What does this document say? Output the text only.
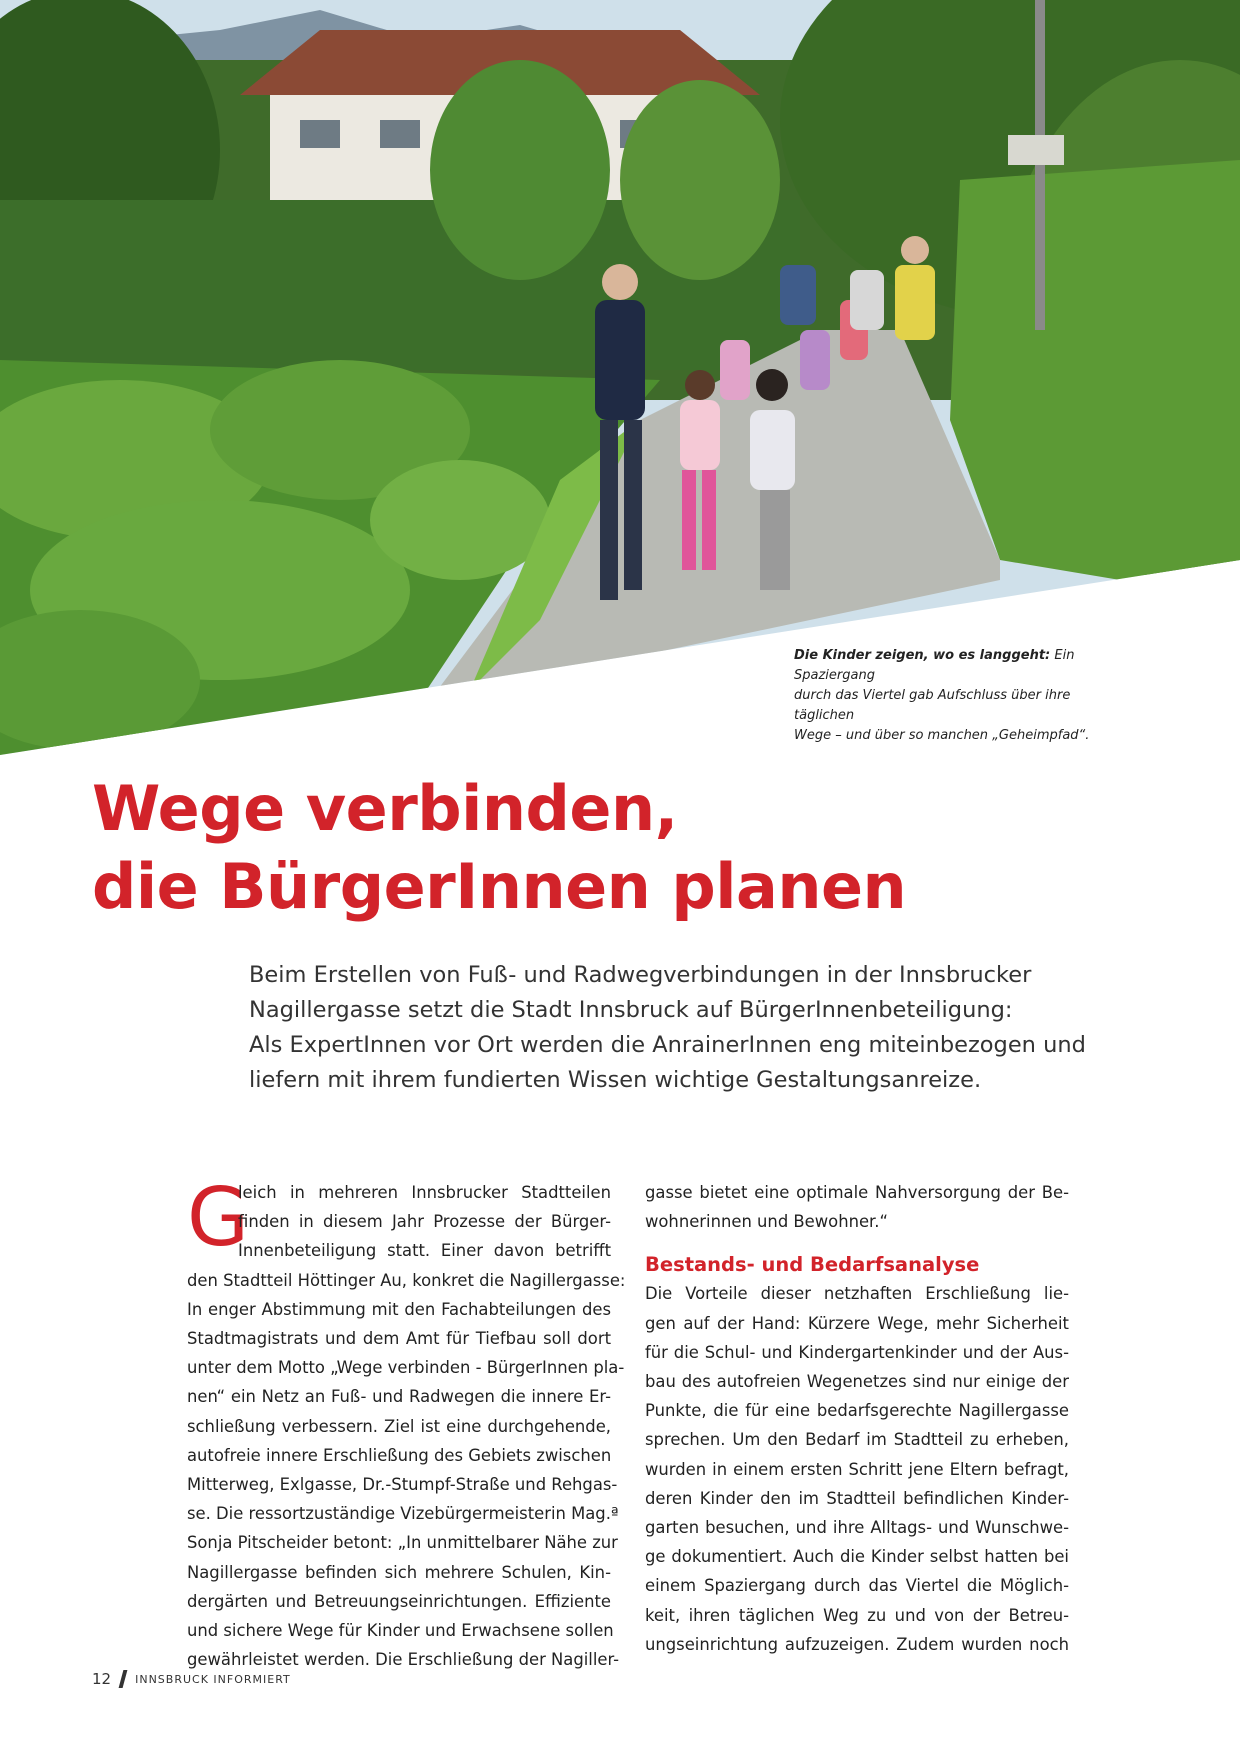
Die Kinder zeigen, wo es langgeht: Ein Spaziergang
durch das Viertel gab Aufschluss über ihre täglichen
Wege – und über so manchen „Geheimpfad“.
Wege verbinden,
die BürgerInnen planen
Beim Erstellen von Fuß- und Radwegverbindungen in der Innsbrucker
Nagillergasse setzt die Stadt Innsbruck auf BürgerInnenbeteiligung:
Als ExpertInnen vor Ort werden die AnrainerInnen eng miteinbezogen und
liefern mit ihrem fundierten Wissen wichtige Gestaltungsanreize.
G
leich in mehreren Innsbrucker Stadtteilen
finden in diesem Jahr Prozesse der Bürger-
Innenbeteiligung statt. Einer davon betrifft
den Stadtteil Höttinger Au, konkret die Nagillergasse:
In enger Abstimmung mit den Fachabteilungen des
Stadtmagistrats und dem Amt für Tiefbau soll dort
unter dem Motto „Wege verbinden - BürgerInnen pla-
nen“ ein Netz an Fuß- und Radwegen die innere Er-
schließung verbessern. Ziel ist eine durchgehende,
autofreie innere Erschließung des Gebiets zwischen
Mitterweg, Exlgasse, Dr.-Stumpf-Straße und Rehgas-
se. Die ressortzuständige Vizebürgermeisterin Mag.ª
Sonja Pitscheider betont: „In unmittelbarer Nähe zur
Nagillergasse befinden sich mehrere Schulen, Kin-
dergärten und Betreuungseinrichtungen. Effiziente
und sichere Wege für Kinder und Erwachsene sollen
gewährleistet werden. Die Erschließung der Nagiller-
gasse bietet eine optimale Nahversorgung der Be-
wohnerinnen und Bewohner.“
Bestands- und Bedarfsanalyse
Die Vorteile dieser netzhaften Erschließung lie-
gen auf der Hand: Kürzere Wege, mehr Sicherheit
für die Schul- und Kindergartenkinder und der Aus-
bau des autofreien Wegenetzes sind nur einige der
Punkte, die für eine bedarfsgerechte Nagillergasse
sprechen. Um den Bedarf im Stadtteil zu erheben,
wurden in einem ersten Schritt jene Eltern befragt,
deren Kinder den im Stadtteil befindlichen Kinder-
garten besuchen, und ihre Alltags- und Wunschwe-
ge dokumentiert. Auch die Kinder selbst hatten bei
einem Spaziergang durch das Viertel die Möglich-
keit, ihren täglichen Weg zu und von der Betreu-
ungseinrichtung aufzuzeigen. Zudem wurden noch
12 INNSBRUCK INFORMIERT
